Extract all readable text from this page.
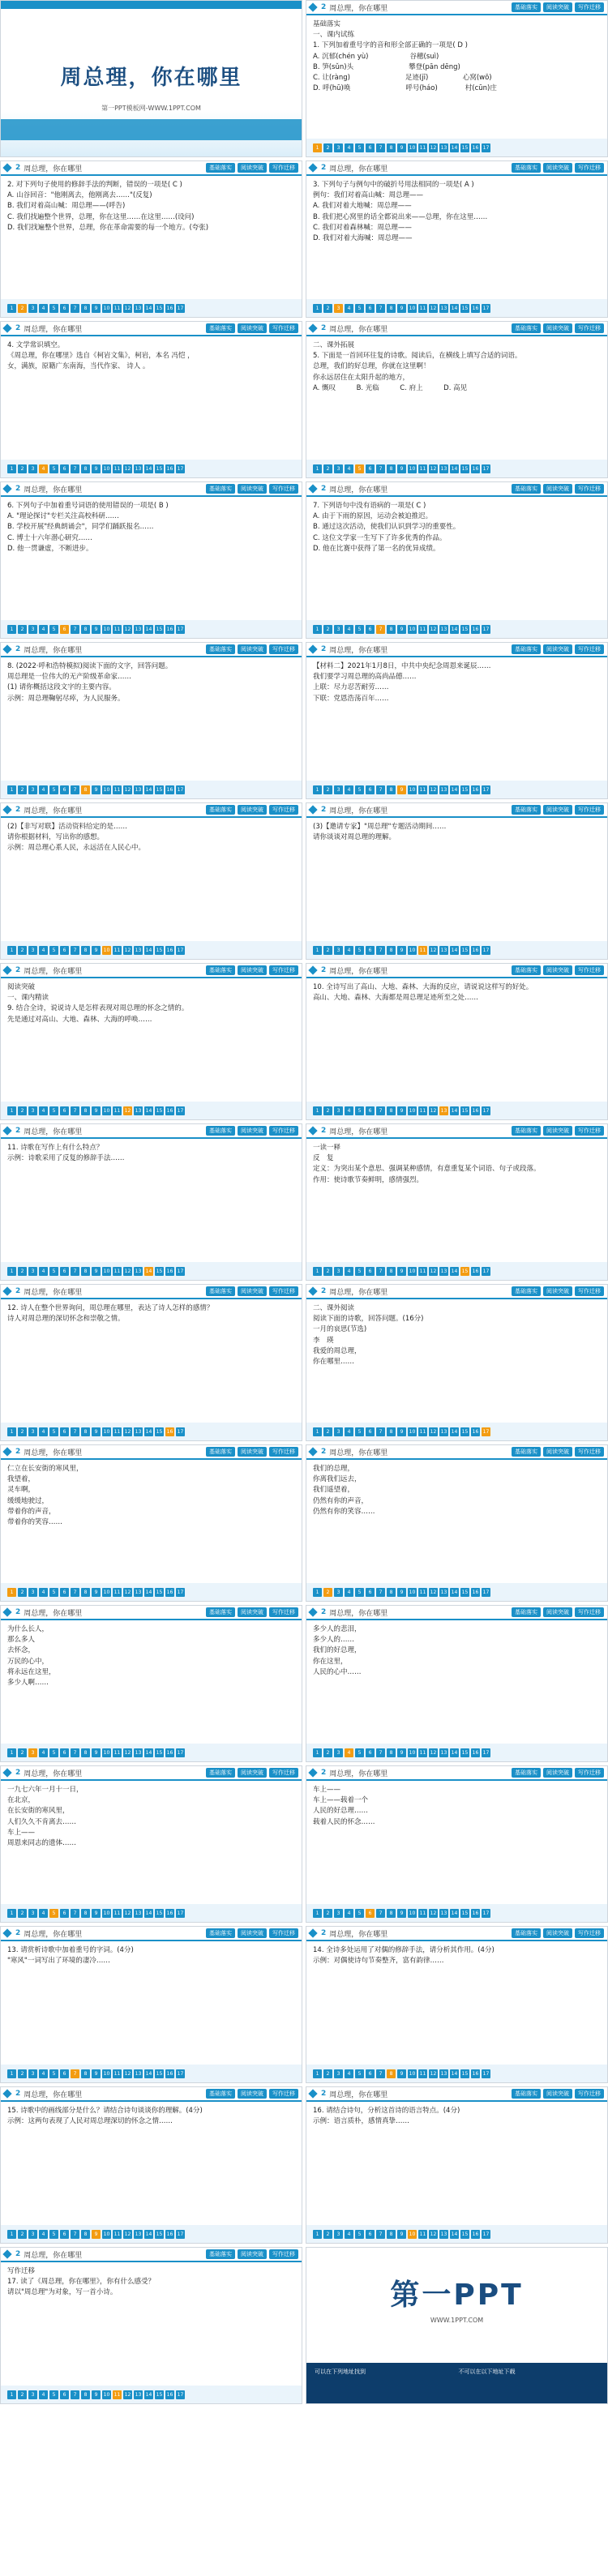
周总理，你在哪里
第一PPT模板网-WWW.1PPT.COM
2 周总理，你在哪里	基础落实	阅读突破	写作迁移
基础落实
一、课内试练
1. 下列加着重号字的音和形全部正确的一项是( D )
A. 沉郁(chén yù)　　　　　　谷穗(suì)
B. 笋(sǔn)头　　　　　　　　攀登(pān dēng)
C. 让(ràng)　　　　　　　　足迹(jī)　　　　　心窝(wō)
D. 呼(hū)唤　　　　　　　　呼号(háo)　　　　村(cūn)庄
1	2	3	4	5	6	7	8	9	10 11 12 13 14 15 16 17
2 周总理，你在哪里	基础落实	阅读突破	写作迁移
2. 对下列句子使用的修辞手法的判断，错误的一项是( C )
A. 山谷回音："他刚离去，他刚离去……"(反复)
B. 我们对着高山喊：周总理——(呼告)
C. 我们找遍整个世界，总理，你在这里……在这里……(设问)
D. 我们找遍整个世界，总理，你在革命需要的每一个地方。(夸张)
1	2	3	4	5	6	7	8	9	10 11 12 13 14 15 16 17
2 周总理，你在哪里	基础落实	阅读突破	写作迁移
3. 下列句子与例句中的破折号用法相同的一项是( A )
例句：我们对着高山喊：周总理——
A. 我们对着大地喊：周总理——
B. 我们把心窝里的话全都说出来——总理，你在这里……
C. 我们对着森林喊：周总理——
D. 我们对着大海喊：周总理——
1	2	3	4	5	6	7	8	9	10 11 12 13 14 15 16 17
2 周总理，你在哪里	基础落实	阅读突破	写作迁移
4. 文学常识填空。
《周总理，你在哪里》选自《柯岩文集》，柯岩，本名 冯恺 ，
女，满族，原籍广东南海，当代作家、 诗人 。
1	2	3	4	5	6	7	8	9	10 11 12 13 14 15 16 17
2 周总理，你在哪里	基础落实	阅读突破	写作迁移
二、课外拓展
5. 下面是一首回环往复的诗歌。阅读后，在横线上填写合适的词语。
总理，我们的好总理，你就在这里啊！
你永远居住在太阳升起的地方，
A. 慨叹　　　B. 光临　　　C. 府上　　　D. 高见
1	2	3	4	5	6	7	8	9	10 11 12 13 14 15 16 17
2 周总理，你在哪里	基础落实	阅读突破	写作迁移
6. 下列句子中加着重号词语的使用错误的一项是( B )
A. "理论探讨"专栏关注高校科研……
B. 学校开展"经典朗诵会"，同学们踊跃报名……
C. 博士十六年潜心研究……
D. 他一贯谦虚，不断进步。
1	2	3	4	5	6	7	8	9	10 11 12 13 14 15 16 17
2 周总理，你在哪里	基础落实	阅读突破	写作迁移
7. 下列语句中没有语病的一项是( C )
A. 由于下雨的原因，运动会被迫推迟。
B. 通过这次活动，使我们认识到学习的重要性。
C. 这位文学家一生写下了许多优秀的作品。
D. 他在比赛中获得了第一名的优异成绩。
1	2	3	4	5	6	7	8	9	10 11 12 13 14 15 16 17
2 周总理，你在哪里	基础落实	阅读突破	写作迁移
8. (2022·呼和浩特模拟)阅读下面的文字，回答问题。
周总理是一位伟大的无产阶级革命家……
(1) 请你概括这段文字的主要内容。
示例：周总理鞠躬尽瘁，为人民服务。
1	2	3	4	5	6	7	8	9	10 11 12 13 14 15 16 17
2 周总理，你在哪里	基础落实	阅读突破	写作迁移
【材料二】2021年1月8日，中共中央纪念周恩来诞辰……
我们要学习周总理的高尚品德……
上联：尽力忍苦耐劳……
下联：党恩浩荡百年……
1	2	3	4	5	6	7	8	9	10 11 12 13 14 15 16 17
2 周总理，你在哪里	基础落实	阅读突破	写作迁移
(2)【非写对联】活动资料给定的是……
请你根据材料，写出你的感想。
示例：周总理心系人民，永远活在人民心中。
1	2	3	4	5	6	7	8	9	10 11 12 13 14 15 16 17
2 周总理，你在哪里	基础落实	阅读突破	写作迁移
(3)【邀请专家】"周总理"专题活动期间……
请你谈谈对周总理的理解。
1	2	3	4	5	6	7	8	9	10 11 12 13 14 15 16 17
2 周总理，你在哪里	基础落实	阅读突破	写作迁移
阅读突破
一、课内精读
9. 结合全诗，说说诗人是怎样表现对周总理的怀念之情的。
先是通过对高山、大地、森林、大海的呼唤……
1	2	3	4	5	6	7	8	9	10 11 12 13 14 15 16 17
2 周总理，你在哪里	基础落实	阅读突破	写作迁移
10. 全诗写出了高山、大地、森林、大海的反应，请说说这样写的好处。
高山、大地、森林、大海都是周总理足迹所至之处……
1	2	3	4	5	6	7	8	9	10 11 12 13 14 15 16 17
2 周总理，你在哪里	基础落实	阅读突破	写作迁移
11. 诗歌在写作上有什么特点？
示例：诗歌采用了反复的修辞手法……
1	2	3	4	5	6	7	8	9	10 11 12 13 14 15 16 17
2 周总理，你在哪里	基础落实	阅读突破	写作迁移
一读一释
反　复
定义：为突出某个意思、强调某种感情，有意重复某个词语、句子或段落。
作用：使诗歌节奏鲜明，感情强烈。
1	2	3	4	5	6	7	8	9	10 11 12 13 14 15 16 17
2 周总理，你在哪里	基础落实	阅读突破	写作迁移
12. 诗人在整个世界询问，周总理在哪里，表达了诗人怎样的感情？
诗人对周总理的深切怀念和崇敬之情。
1	2	3	4	5	6	7	8	9	10 11 12 13 14 15 16 17
2 周总理，你在哪里	基础落实	阅读突破	写作迁移
二、课外阅读
阅读下面的诗歌，回答问题。(16分)
一月的哀思(节选)
李　瑛
我爱的周总理，
你在哪里……
1	2	3	4	5	6	7	8	9	10 11 12 13 14 15 16 17
2 周总理，你在哪里	基础落实	阅读突破	写作迁移
仁立在长安街的寒风里，
我望着，
灵车啊，
缓缓地驶过，
带着你的声音，
带着你的笑容……
1	2	3	4	5	6	7	8	9	10 11 12 13 14 15 16 17
2 周总理，你在哪里	基础落实	阅读突破	写作迁移
我们的总理，
你离我们远去，
我们遥望着，
仍然有你的声音，
仍然有你的笑容……
1	2	3	4	5	6	7	8	9	10 11 12 13 14 15 16 17
2 周总理，你在哪里	基础落实	阅读突破	写作迁移
为什么长人，
那么多人
去怀念，
万民的心中，
将永远在这里，
多少人啊……
1	2	3	4	5	6	7	8	9	10 11 12 13 14 15 16 17
2 周总理，你在哪里	基础落实	阅读突破	写作迁移
多少人的悲泪，
多少人的……
我们的好总理，
你在这里，
人民的心中……
1	2	3	4	5	6	7	8	9	10 11 12 13 14 15 16 17
2 周总理，你在哪里	基础落实	阅读突破	写作迁移
一九七六年一月十一日，
在北京，
在长安街的寒风里，
人们久久不肯离去……
车上——
周恩来同志的遗体……
1	2	3	4	5	6	7	8	9	10 11 12 13 14 15 16 17
2 周总理，你在哪里	基础落实	阅读突破	写作迁移
车上——
车上——载着一个
人民的好总理……
载着人民的怀念……
1	2	3	4	5	6	7	8	9	10 11 12 13 14 15 16 17
2 周总理，你在哪里	基础落实	阅读突破	写作迁移
13. 请赏析诗歌中加着重号的字词。(4分)
"寒风"一词写出了环境的凄冷……
1	2	3	4	5	6	7	8	9	10 11 12 13 14 15 16 17
2 周总理，你在哪里	基础落实	阅读突破	写作迁移
14. 全诗多处运用了对偶的修辞手法，请分析其作用。(4分)
示例：对偶使诗句节奏整齐，富有韵律……
1	2	3	4	5	6	7	8	9	10 11 12 13 14 15 16 17
2 周总理，你在哪里	基础落实	阅读突破	写作迁移
15. 诗歌中的画线部分是什么？请结合诗句谈谈你的理解。(4分)
示例：这两句表现了人民对周总理深切的怀念之情……
1	2	3	4	5	6	7	8	9	10 11 12 13 14 15 16 17
2 周总理，你在哪里	基础落实	阅读突破	写作迁移
16. 请结合诗句，分析这首诗的语言特点。(4分)
示例：语言质朴，感情真挚……
1	2	3	4	5	6	7	8	9	10 11 12 13 14 15 16 17
2 周总理，你在哪里	基础落实	阅读突破	写作迁移
写作迁移
17. 读了《周总理，你在哪里》，你有什么感受？
请以"周总理"为对象，写一首小诗。
1	2	3	4	5	6	7	8	9	10 11 12 13 14 15 16 17
第一PPT
WWW.1PPT.COM
可以在下列地址找到	不可以在以下地址下载
